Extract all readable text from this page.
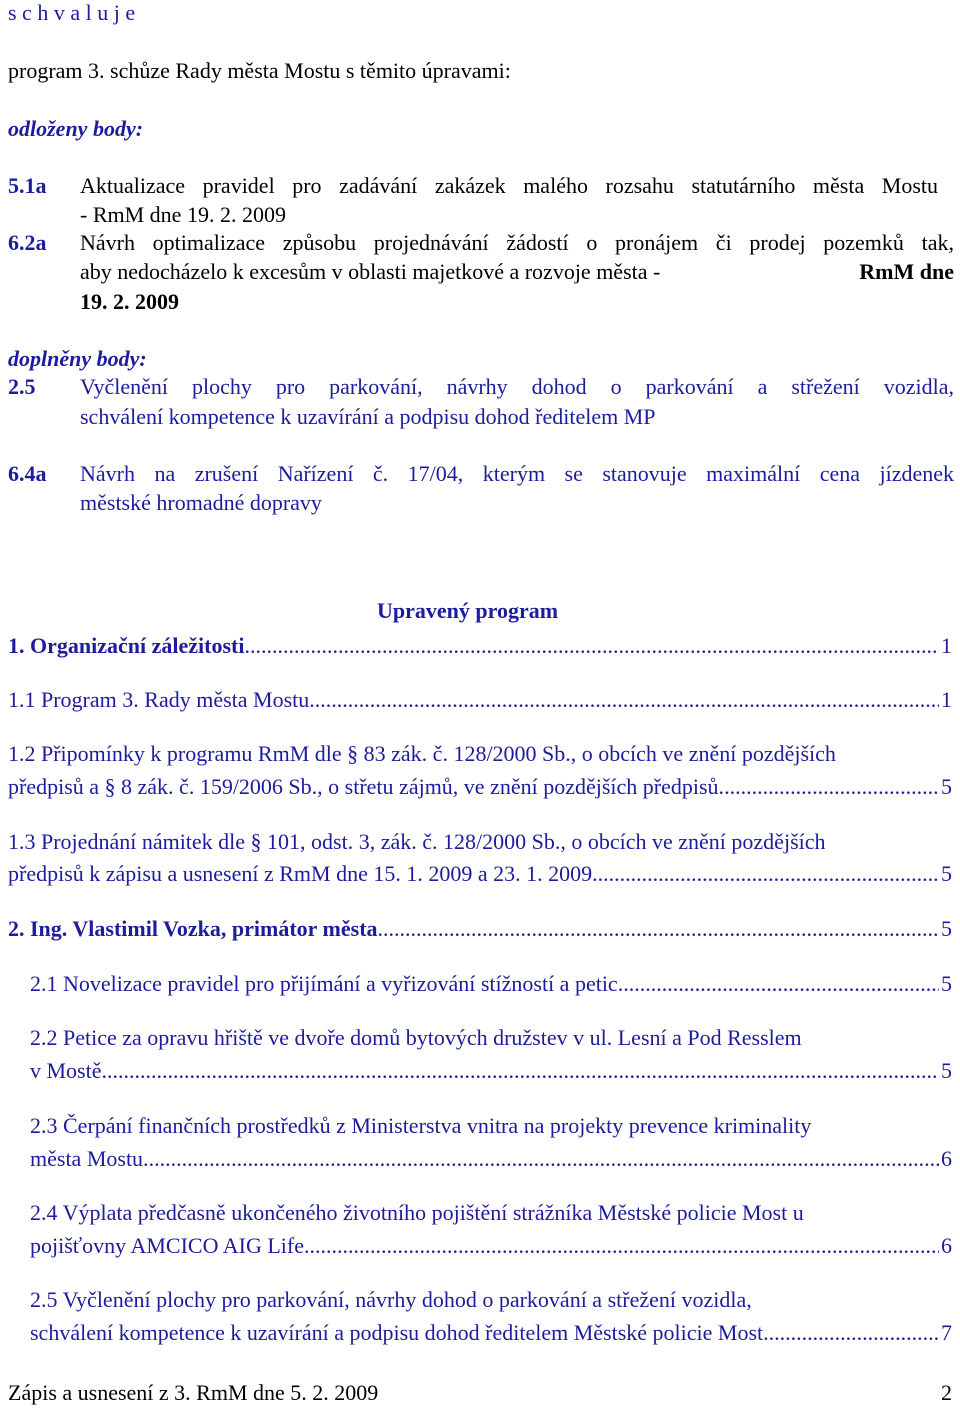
s c h v a l u j e
program 3. schůze Rady města Mostu s těmito úpravami:
odloženy body:
5.1a Aktualizace pravidel pro zadávání zakázek malého rozsahu statutárního města Mostu
- RmM dne 19. 2. 2009
6.2a Návrh optimalizace způsobu projednávání žádostí o pronájem či prodej pozemků tak,
aby nedocházelo k excesům v oblasti majetkové a rozvoje města -	RmM dne
19. 2. 2009
doplněny body:
2.5 Vyčlenění plochy pro parkování, návrhy dohod o parkování a střežení vozidla,
schválení kompetence k uzavírání a podpisu dohod ředitelem MP
6.4a Návrh na zrušení Nařízení č. 17/04, kterým se stanovuje maximální cena jízdenek
městské hromadné dopravy
Upravený program
1. Organizační záležitosti .....	1
1.1 Program 3. Rady města Mostu .....	1
1.2 Připomínky k programu RmM dle § 83 zák. č. 128/2000 Sb., o obcích ve znění pozdějších
předpisů a § 8 zák. č. 159/2006 Sb., o střetu zájmů, ve znění pozdějších předpisů. .....	5
1.3 Projednání námitek dle § 101, odst. 3, zák. č. 128/2000 Sb., o obcích ve znění pozdějších
předpisů k zápisu a usnesení z RmM dne 15. 1. 2009 a 23. 1. 2009. .....	5
2. Ing. Vlastimil Vozka, primátor města .....	5
2.1 Novelizace pravidel pro přijímání a vyřizování stížností a petic. .....	5
2.2 Petice za opravu hřiště ve dvoře domů bytových družstev v ul. Lesní a Pod Resslem
v Mostě. .....	5
2.3 Čerpání finančních prostředků z Ministerstva vnitra na projekty prevence kriminality
města Mostu. .....	6
2.4 Výplata předčasně ukončeného životního pojištění strážníka Městské policie Most u
pojišťovny AMCICO AIG Life. .....	6
2.5 Vyčlenění plochy pro parkování, návrhy dohod o parkování a střežení vozidla,
schválení kompetence k uzavírání a podpisu dohod ředitelem Městské policie Most. .....	7
Zápis a usnesení z 3. RmM dne 5. 2. 2009	2
